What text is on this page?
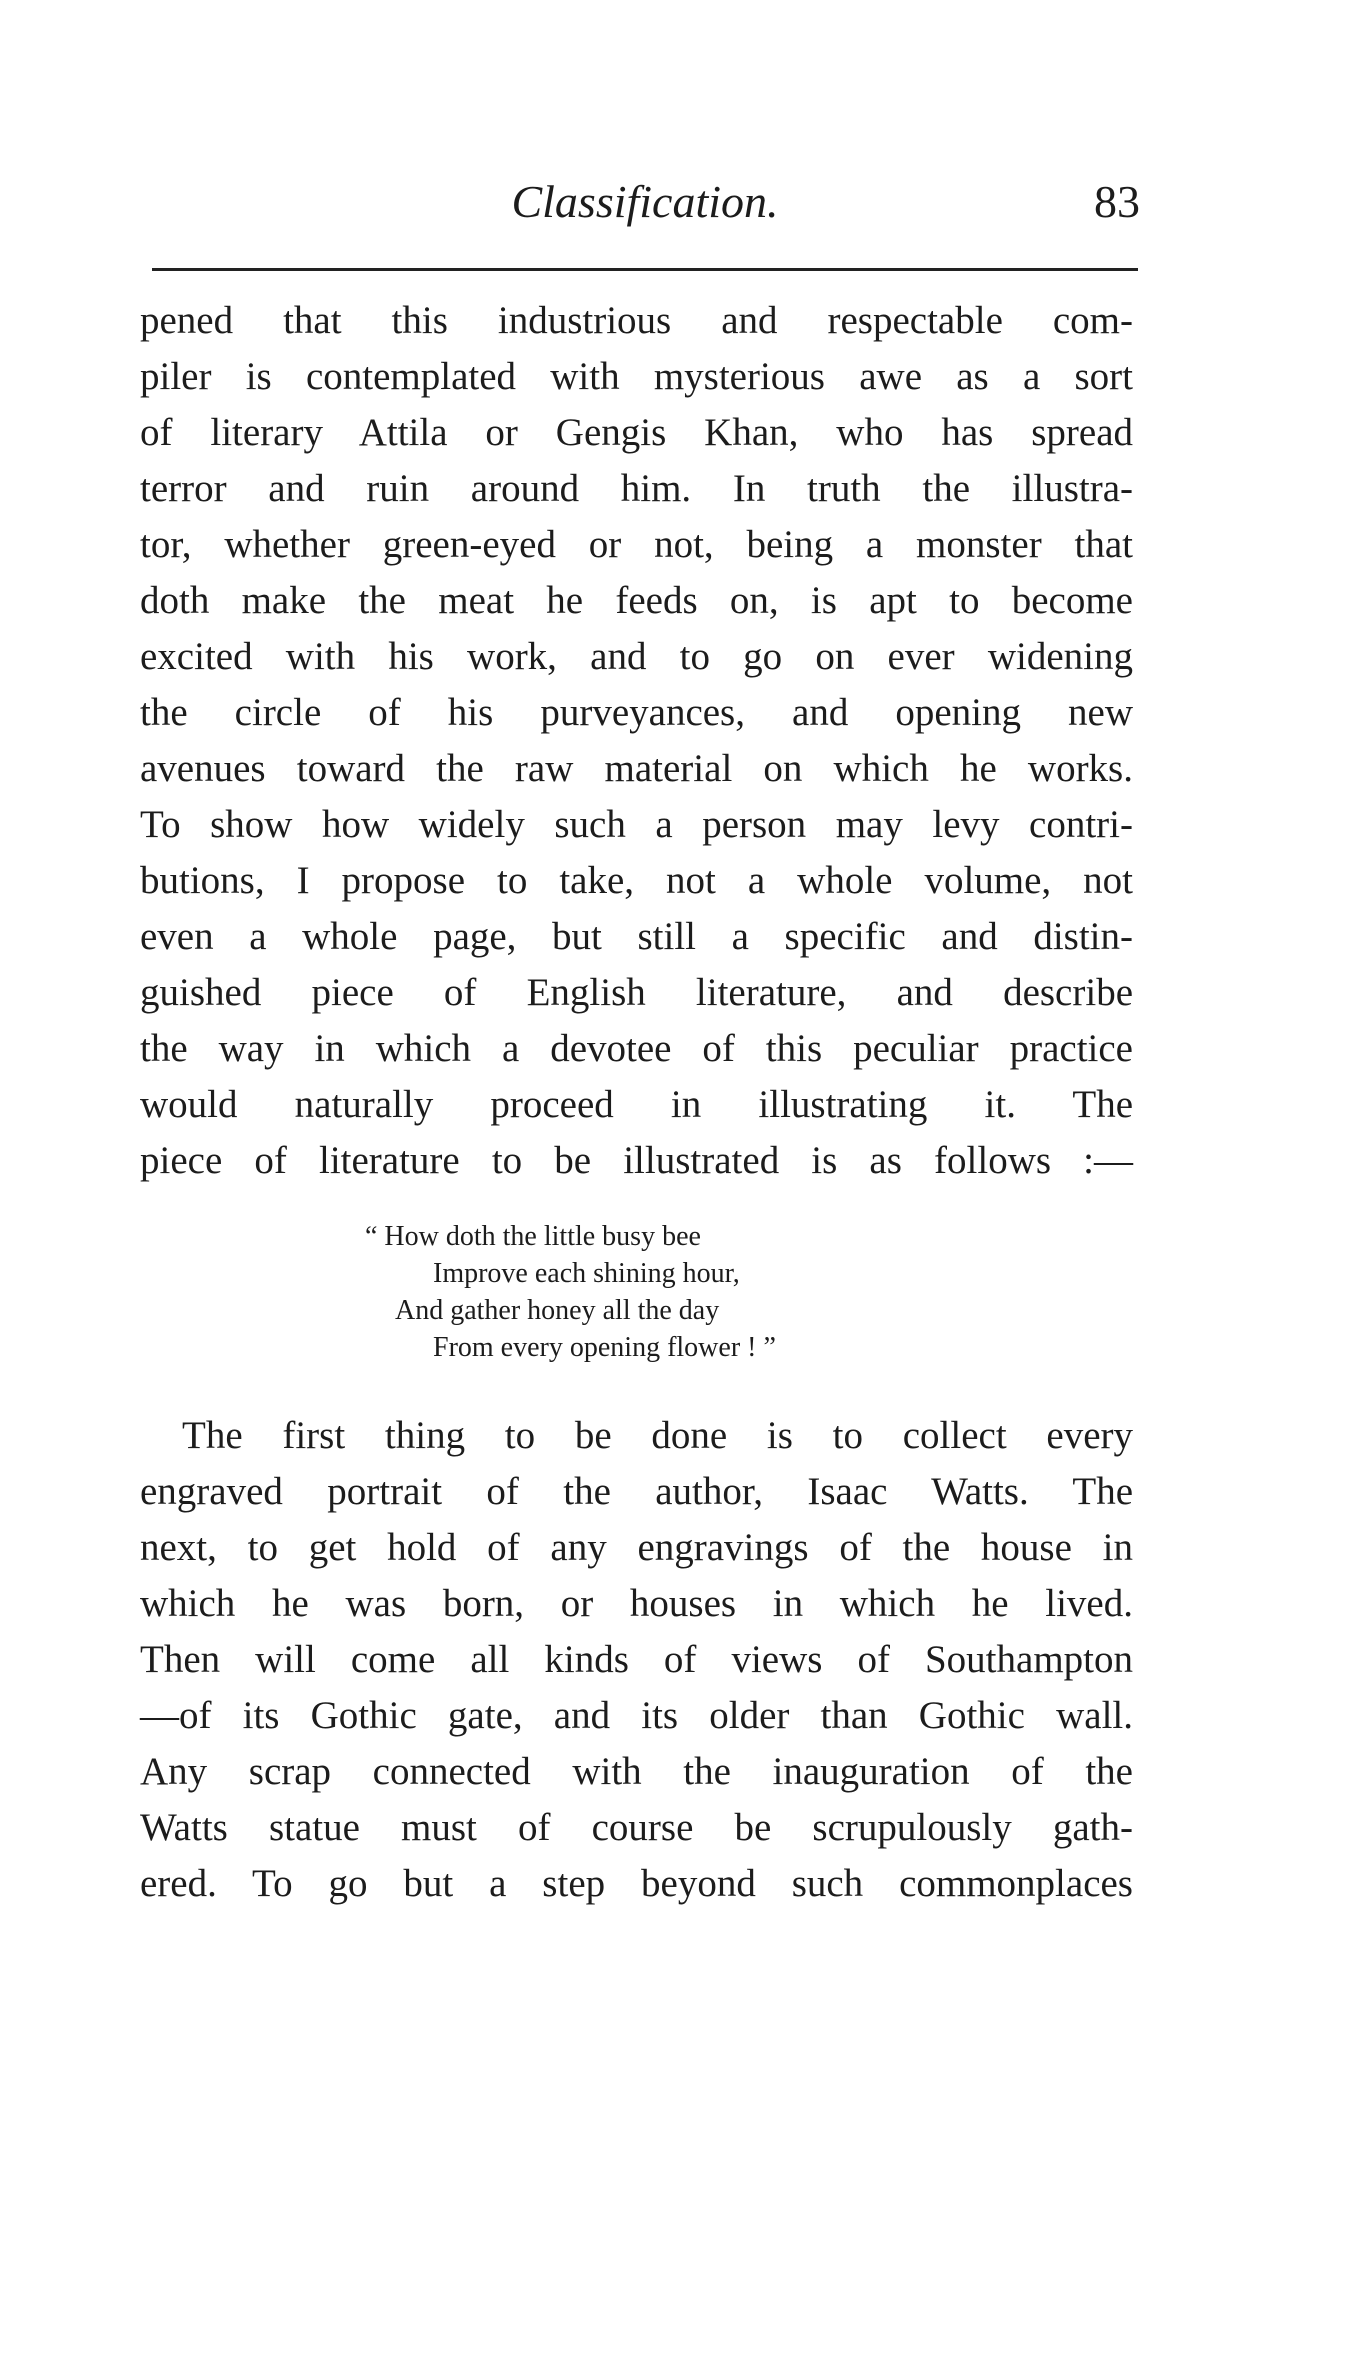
Classification.	83
pened that this industrious and respectable com-
piler is contemplated with mysterious awe as a sort
of literary Attila or Gengis Khan, who has spread
terror and ruin around him. In truth the illustra-
tor, whether green-eyed or not, being a monster that
doth make the meat he feeds on, is apt to become
excited with his work, and to go on ever widening
the circle of his purveyances, and opening new
avenues toward the raw material on which he works.
To show how widely such a person may levy contri-
butions, I propose to take, not a whole volume, not
even a whole page, but still a specific and distin-
guished piece of English literature, and describe
the way in which a devotee of this peculiar practice
would naturally proceed in illustrating it. The
piece of literature to be illustrated is as follows :—
“ How doth the little busy bee
Improve each shining hour,
And gather honey all the day
From every opening flower ! ”
The first thing to be done is to collect every
engraved portrait of the author, Isaac Watts. The
next, to get hold of any engravings of the house in
which he was born, or houses in which he lived.
Then will come all kinds of views of Southampton
—of its Gothic gate, and its older than Gothic wall.
Any scrap connected with the inauguration of the
Watts statue must of course be scrupulously gath-
ered. To go but a step beyond such commonplaces
